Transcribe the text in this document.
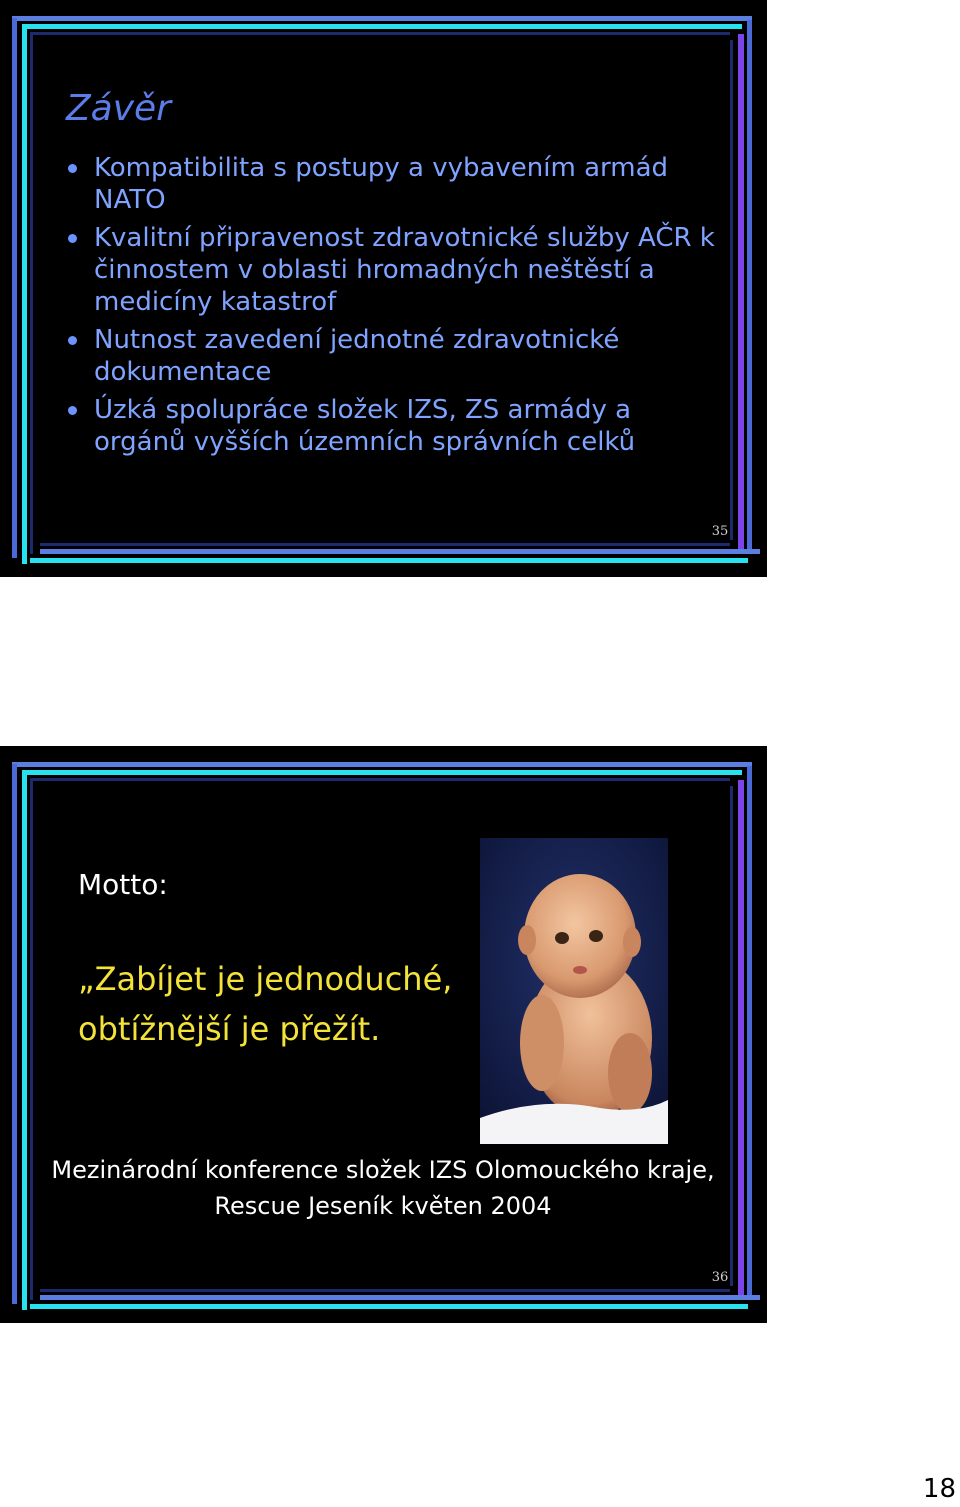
Závěr
Kompatibilita s postupy a vybavením armád NATO
Kvalitní připravenost zdravotnické služby AČR k činnostem v oblasti hromadných neštěstí a medicíny katastrof
Nutnost zavedení jednotné zdravotnické dokumentace
Úzká spolupráce složek IZS, ZS armády a orgánů vyšších územních správních celků
35
Motto:
„Zabíjet je jednoduché,
obtížnější je přežít.
Mezinárodní konference složek IZS Olomouckého kraje,
Rescue Jeseník květen 2004
36
18
